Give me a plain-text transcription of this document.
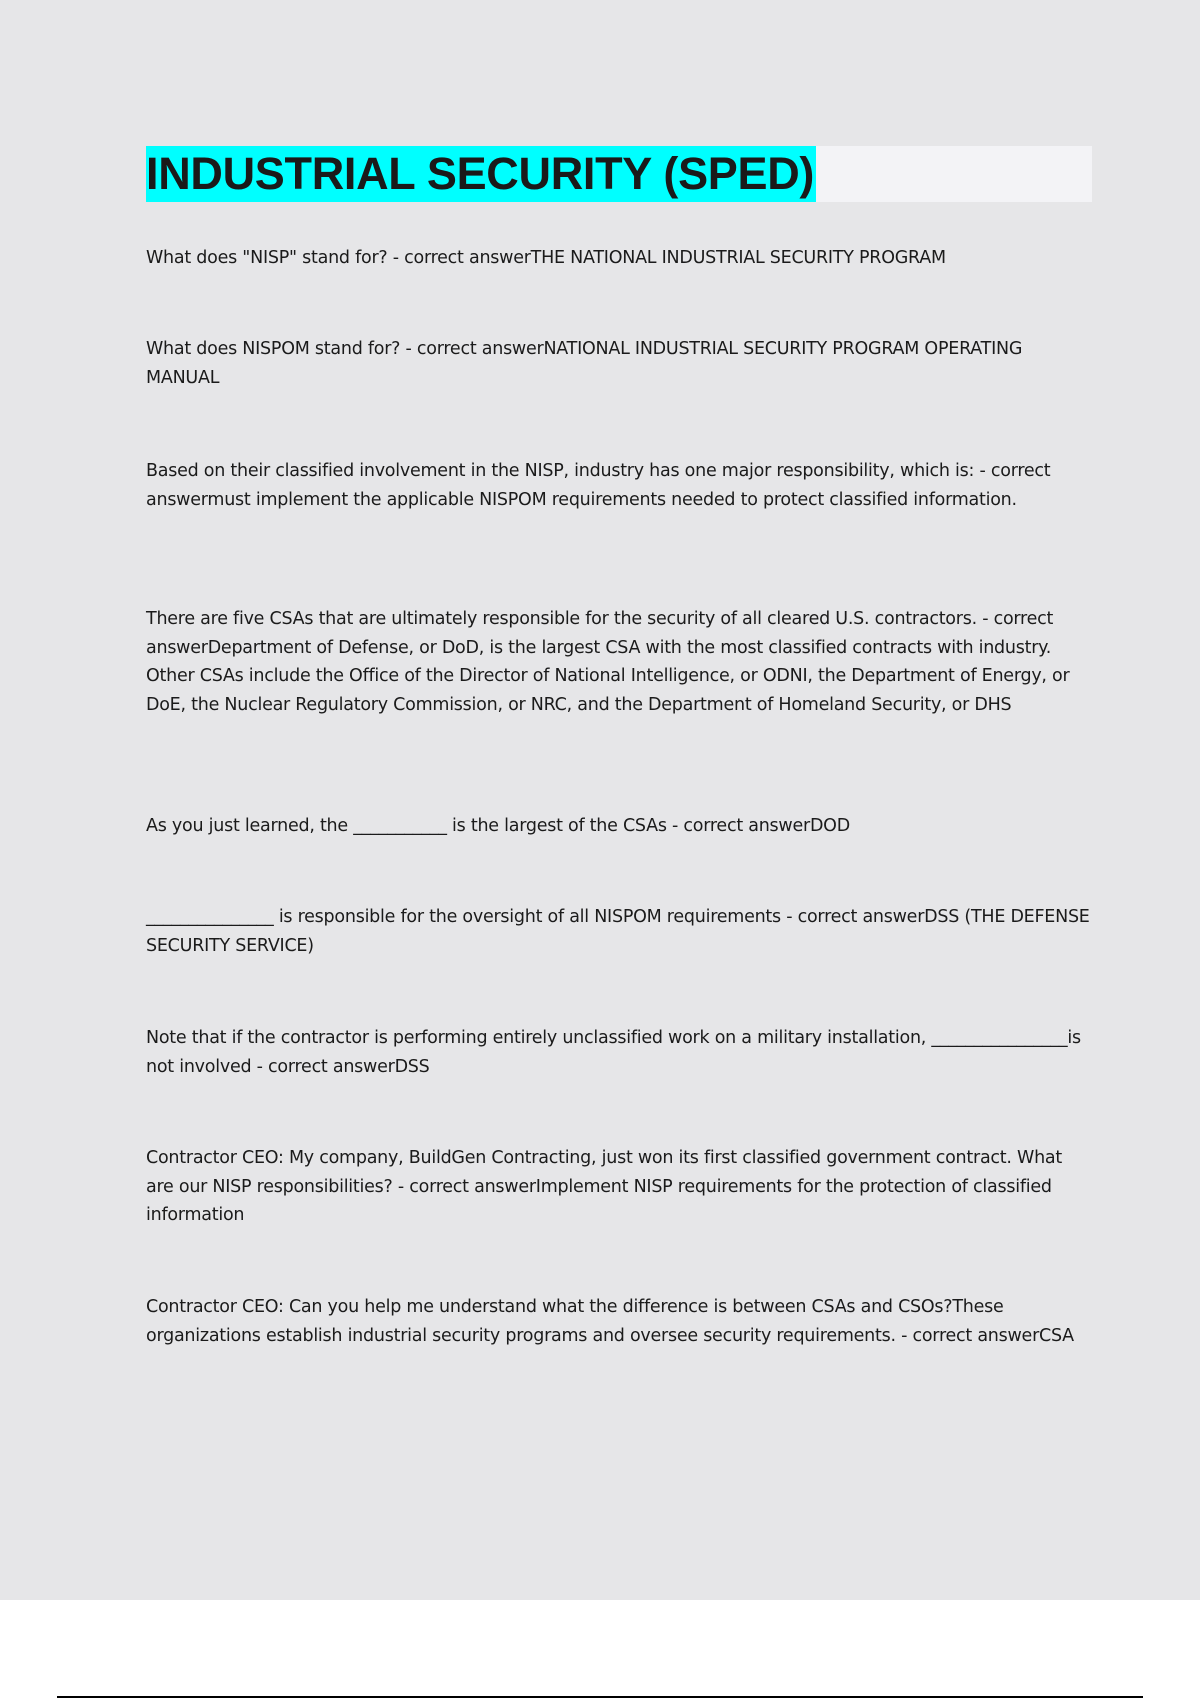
INDUSTRIAL SECURITY (SPED)

What does "NISP" stand for? - correct answerTHE NATIONAL INDUSTRIAL SECURITY PROGRAM

What does NISPOM stand for? - correct answerNATIONAL INDUSTRIAL SECURITY PROGRAM OPERATING MANUAL

Based on their classified involvement in the NISP, industry has one major responsibility, which is: - correct answermust implement the applicable NISPOM requirements needed to protect classified information.

There are five CSAs that are ultimately responsible for the security of all cleared U.S. contractors. - correct answerDepartment of Defense, or DoD, is the largest CSA with the most classified contracts with industry. Other CSAs include the Office of the Director of National Intelligence, or ODNI, the Department of Energy, or DoE, the Nuclear Regulatory Commission, or NRC, and the Department of Homeland Security, or DHS

As you just learned, the ___________ is the largest of the CSAs - correct answerDOD

_______________ is responsible for the oversight of all NISPOM requirements - correct answerDSS (THE DEFENSE SECURITY SERVICE)

Note that if the contractor is performing entirely unclassified work on a military installation, ________________is not involved - correct answerDSS

Contractor CEO: My company, BuildGen Contracting, just won its first classified government contract. What are our NISP responsibilities? - correct answerImplement NISP requirements for the protection of classified information

Contractor CEO: Can you help me understand what the difference is between CSAs and CSOs?These organizations establish industrial security programs and oversee security requirements. - correct answerCSA
